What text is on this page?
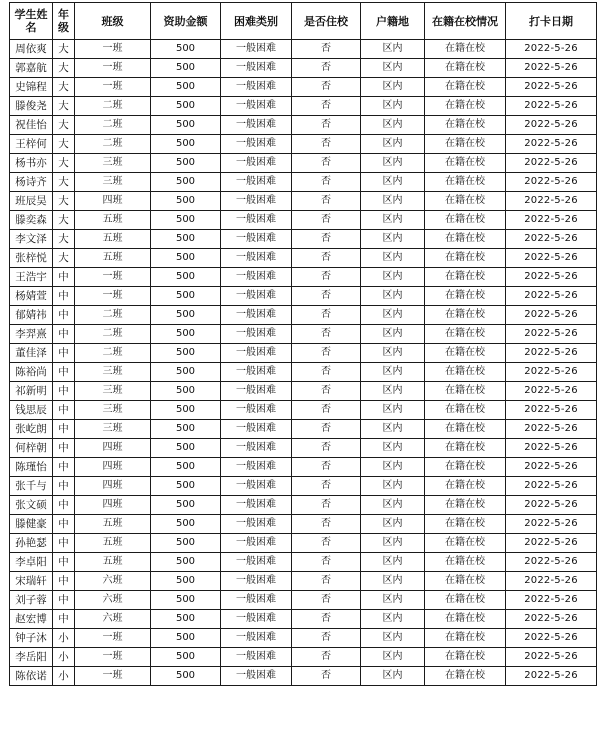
学生姓名	年级	班级	资助金额	困难类别	是否住校	户籍地	在籍在校情况	打卡日期
周依爽	大	一班	500	一般困难	否	区内	在籍在校	2022-5-26
郭嘉航	大	一班	500	一般困难	否	区内	在籍在校	2022-5-26
史锦程	大	一班	500	一般困难	否	区内	在籍在校	2022-5-26
滕俊尧	大	二班	500	一般困难	否	区内	在籍在校	2022-5-26
祝佳怡	大	二班	500	一般困难	否	区内	在籍在校	2022-5-26
王梓何	大	二班	500	一般困难	否	区内	在籍在校	2022-5-26
杨书亦	大	三班	500	一般困难	否	区内	在籍在校	2022-5-26
杨诗齐	大	三班	500	一般困难	否	区内	在籍在校	2022-5-26
班辰昊	大	四班	500	一般困难	否	区内	在籍在校	2022-5-26
滕奕森	大	五班	500	一般困难	否	区内	在籍在校	2022-5-26
李文泽	大	五班	500	一般困难	否	区内	在籍在校	2022-5-26
张梓悦	大	五班	500	一般困难	否	区内	在籍在校	2022-5-26
王浩宇	中	一班	500	一般困难	否	区内	在籍在校	2022-5-26
杨婧萱	中	一班	500	一般困难	否	区内	在籍在校	2022-5-26
郁婧祎	中	二班	500	一般困难	否	区内	在籍在校	2022-5-26
李羿熹	中	二班	500	一般困难	否	区内	在籍在校	2022-5-26
董佳泽	中	二班	500	一般困难	否	区内	在籍在校	2022-5-26
陈裕尚	中	三班	500	一般困难	否	区内	在籍在校	2022-5-26
祁新明	中	三班	500	一般困难	否	区内	在籍在校	2022-5-26
钱思辰	中	三班	500	一般困难	否	区内	在籍在校	2022-5-26
张屹朗	中	三班	500	一般困难	否	区内	在籍在校	2022-5-26
何梓朝	中	四班	500	一般困难	否	区内	在籍在校	2022-5-26
陈瑾怡	中	四班	500	一般困难	否	区内	在籍在校	2022-5-26
张千与	中	四班	500	一般困难	否	区内	在籍在校	2022-5-26
张文硕	中	四班	500	一般困难	否	区内	在籍在校	2022-5-26
滕健豪	中	五班	500	一般困难	否	区内	在籍在校	2022-5-26
孙艳瑟	中	五班	500	一般困难	否	区内	在籍在校	2022-5-26
李卓阳	中	五班	500	一般困难	否	区内	在籍在校	2022-5-26
宋瑞轩	中	六班	500	一般困难	否	区内	在籍在校	2022-5-26
刘子蓉	中	六班	500	一般困难	否	区内	在籍在校	2022-5-26
赵宏博	中	六班	500	一般困难	否	区内	在籍在校	2022-5-26
钟子沐	小	一班	500	一般困难	否	区内	在籍在校	2022-5-26
李岳阳	小	一班	500	一般困难	否	区内	在籍在校	2022-5-26
陈依诺	小	一班	500	一般困难	否	区内	在籍在校	2022-5-26
